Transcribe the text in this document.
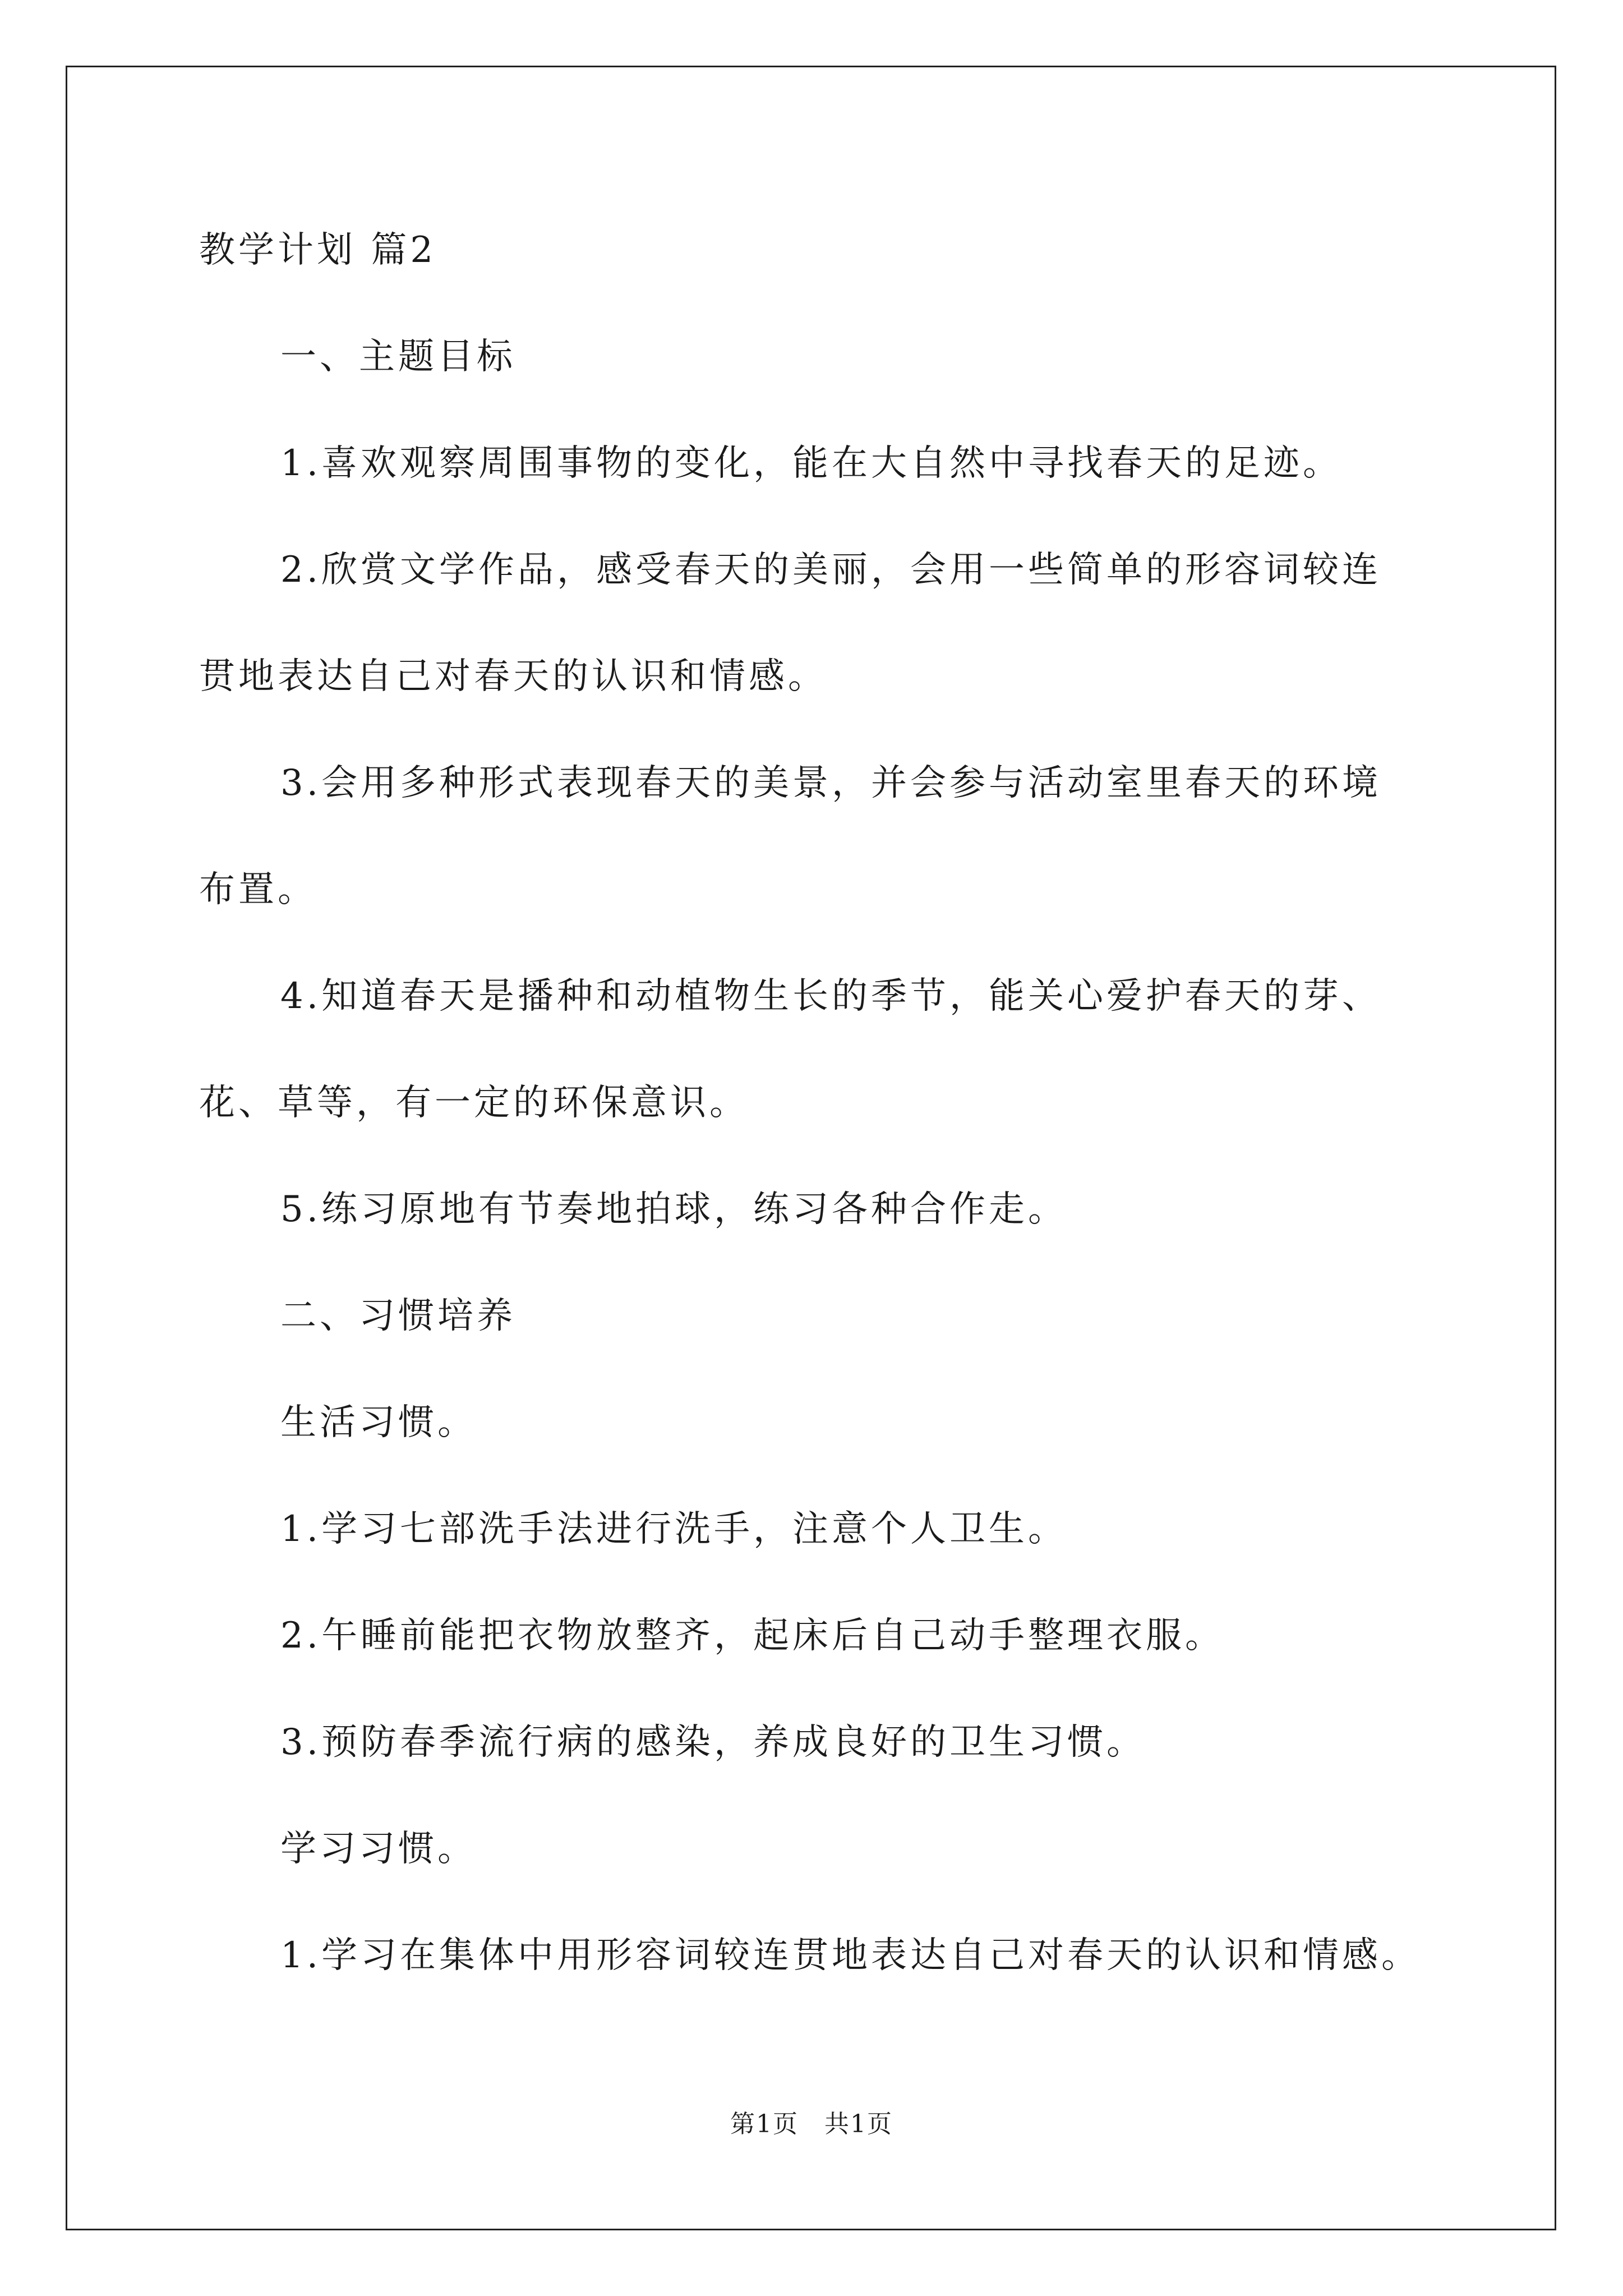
教学计划 篇2
一、主题目标
1.喜欢观察周围事物的变化，能在大自然中寻找春天的足迹。
2.欣赏文学作品，感受春天的美丽，会用一些简单的形容词较连
贯地表达自己对春天的认识和情感。
3.会用多种形式表现春天的美景，并会参与活动室里春天的环境
布置。
4.知道春天是播种和动植物生长的季节，能关心爱护春天的芽、
花、草等，有一定的环保意识。
5.练习原地有节奏地拍球，练习各种合作走。
二、习惯培养
生活习惯。
1.学习七部洗手法进行洗手，注意个人卫生。
2.午睡前能把衣物放整齐，起床后自己动手整理衣服。
3.预防春季流行病的感染，养成良好的卫生习惯。
学习习惯。
1.学习在集体中用形容词较连贯地表达自己对春天的认识和情感。
第1页　共1页
